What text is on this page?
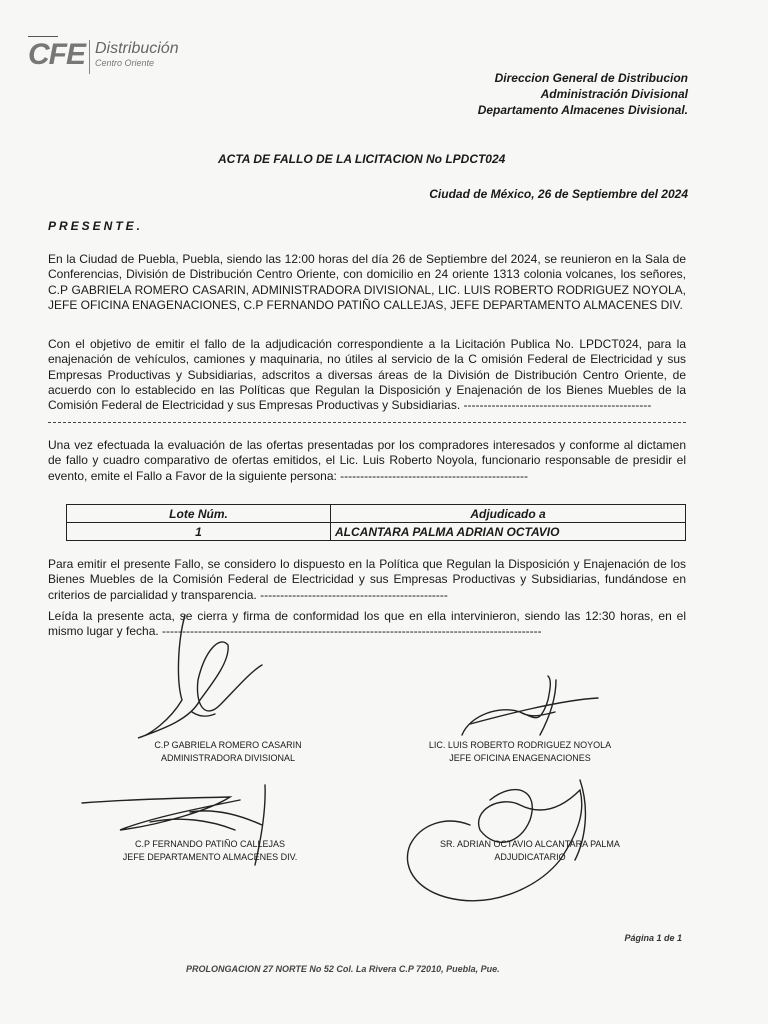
CFE Distribución
Centro Oriente
Direccion General de Distribucion
Administración Divisional
Departamento Almacenes Divisional.
ACTA DE FALLO DE LA LICITACION No LPDCT024
Ciudad de México, 26 de Septiembre del 2024
PRESENTE.
En la Ciudad de Puebla, Puebla, siendo las 12:00 horas del día 26 de Septiembre del 2024, se reunieron en la Sala de Conferencias, División de Distribución Centro Oriente, con domicilio en 24 oriente 1313 colonia volcanes, los señores, C.P GABRIELA ROMERO CASARIN, ADMINISTRADORA DIVISIONAL, LIC. LUIS ROBERTO RODRIGUEZ NOYOLA, JEFE OFICINA ENAGENACIONES, C.P FERNANDO PATIÑO CALLEJAS, JEFE DEPARTAMENTO ALMACENES DIV.
Con el objetivo de emitir el fallo de la adjudicación correspondiente a la Licitación Publica No. LPDCT024, para la enajenación de vehículos, camiones y maquinaria, no útiles al servicio de la C omisión Federal de Electricidad y sus Empresas Productivas y Subsidiarias, adscritos a diversas áreas de la División de Distribución Centro Oriente, de acuerdo con lo establecido en las Políticas que Regulan la Disposición y Enajenación de los Bienes Muebles de la Comisión Federal de Electricidad y sus Empresas Productivas y Subsidiarias. -----------------------------------------------
Una vez efectuada la evaluación de las ofertas presentadas por los compradores interesados y conforme al dictamen de fallo y cuadro comparativo de ofertas emitidos, el Lic. Luis Roberto Noyola, funcionario responsable de presidir el evento, emite el Fallo a Favor de la siguiente persona: -----------------------------------------------
Lote Núm.	Adjudicado a
1	ALCANTARA PALMA ADRIAN OCTAVIO
Para emitir el presente Fallo, se considero lo dispuesto en la Política que Regulan la Disposición y Enajenación de los Bienes Muebles de la Comisión Federal de Electricidad y sus Empresas Productivas y Subsidiarias, fundándose en criterios de parcialidad y transparencia. -----------------------------------------------
Leída la presente acta, se cierra y firma de conformidad los que en ella intervinieron, siendo las 12:30 horas, en el mismo lugar y fecha. -----------------------------------------------------------------------------------------------
C.P GABRIELA ROMERO CASARIN
ADMINISTRADORA DIVISIONAL
LIC. LUIS ROBERTO RODRIGUEZ NOYOLA
JEFE OFICINA ENAGENACIONES
C.P FERNANDO PATIÑO CALLEJAS
JEFE DEPARTAMENTO ALMACENES DIV.
SR. ADRIAN OCTAVIO ALCANTARA PALMA
ADJUDICATARIO
Página 1 de 1
PROLONGACION 27 NORTE No 52 Col. La Rivera C.P 72010, Puebla, Pue.
